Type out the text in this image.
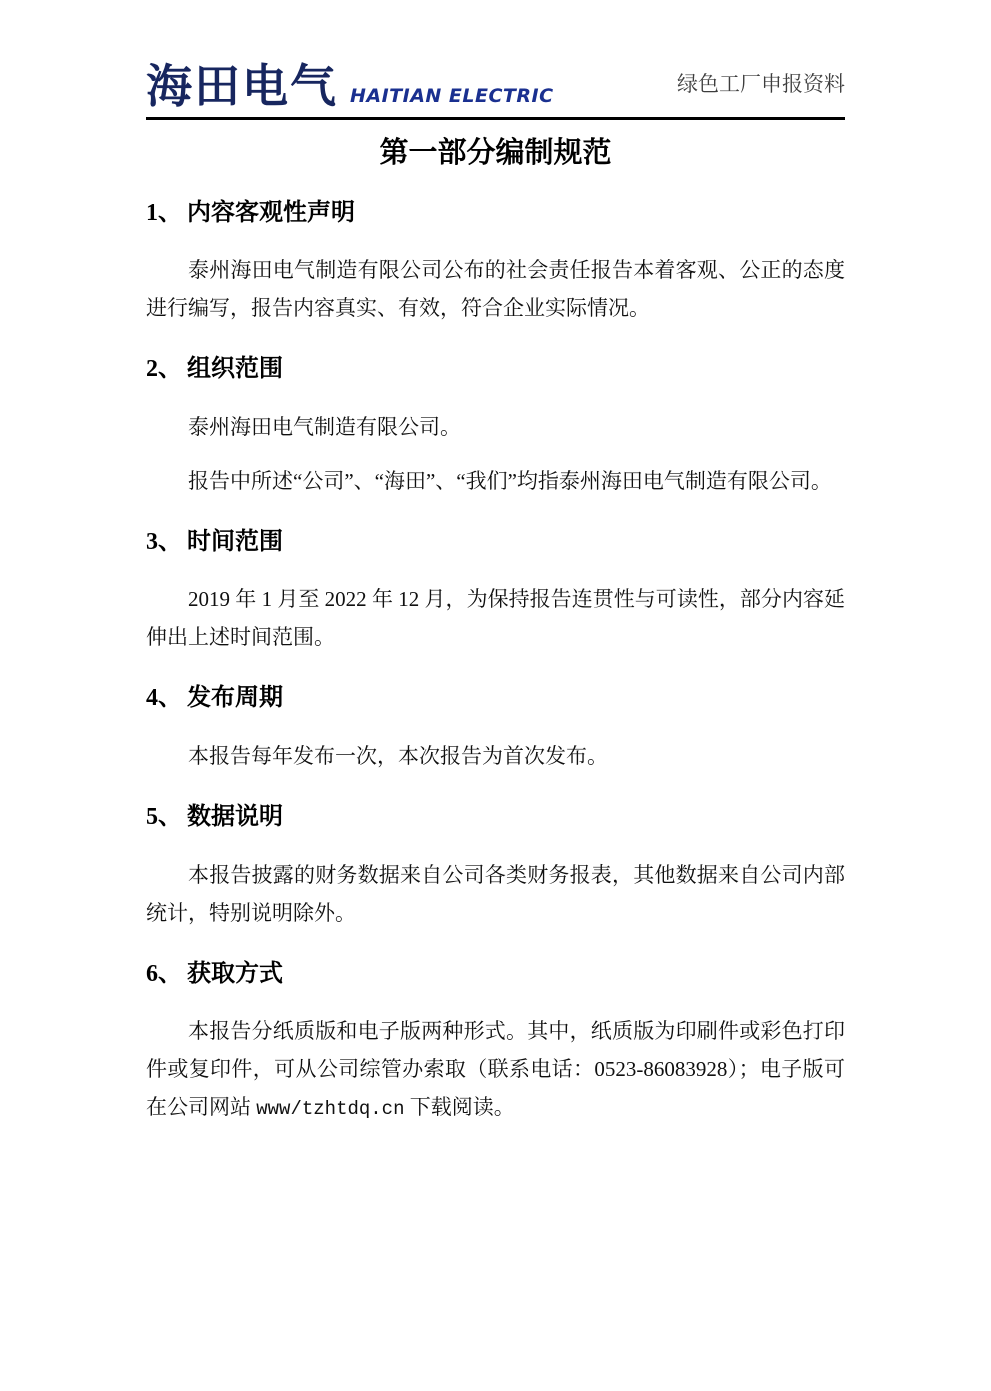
海田电气 HAITIAN ELECTRIC	绿色工厂申报资料
第一部分编制规范
1、 内容客观性声明

泰州海田电气制造有限公司公布的社会责任报告本着客观、公正的态度进行编写，报告内容真实、有效，符合企业实际情况。

2、 组织范围

泰州海田电气制造有限公司。

报告中所述“公司”、“海田”、“我们”均指泰州海田电气制造有限公司。

3、 时间范围

2019 年 1 月至 2022 年 12 月，为保持报告连贯性与可读性，部分内容延伸出上述时间范围。

4、 发布周期

本报告每年发布一次，本次报告为首次发布。

5、 数据说明

本报告披露的财务数据来自公司各类财务报表，其他数据来自公司内部统计，特别说明除外。

6、 获取方式

本报告分纸质版和电子版两种形式。其中，纸质版为印刷件或彩色打印件或复印件，可从公司综管办索取（联系电话：0523-86083928）；电子版可在公司网站 www/tzhtdq.cn 下载阅读。
